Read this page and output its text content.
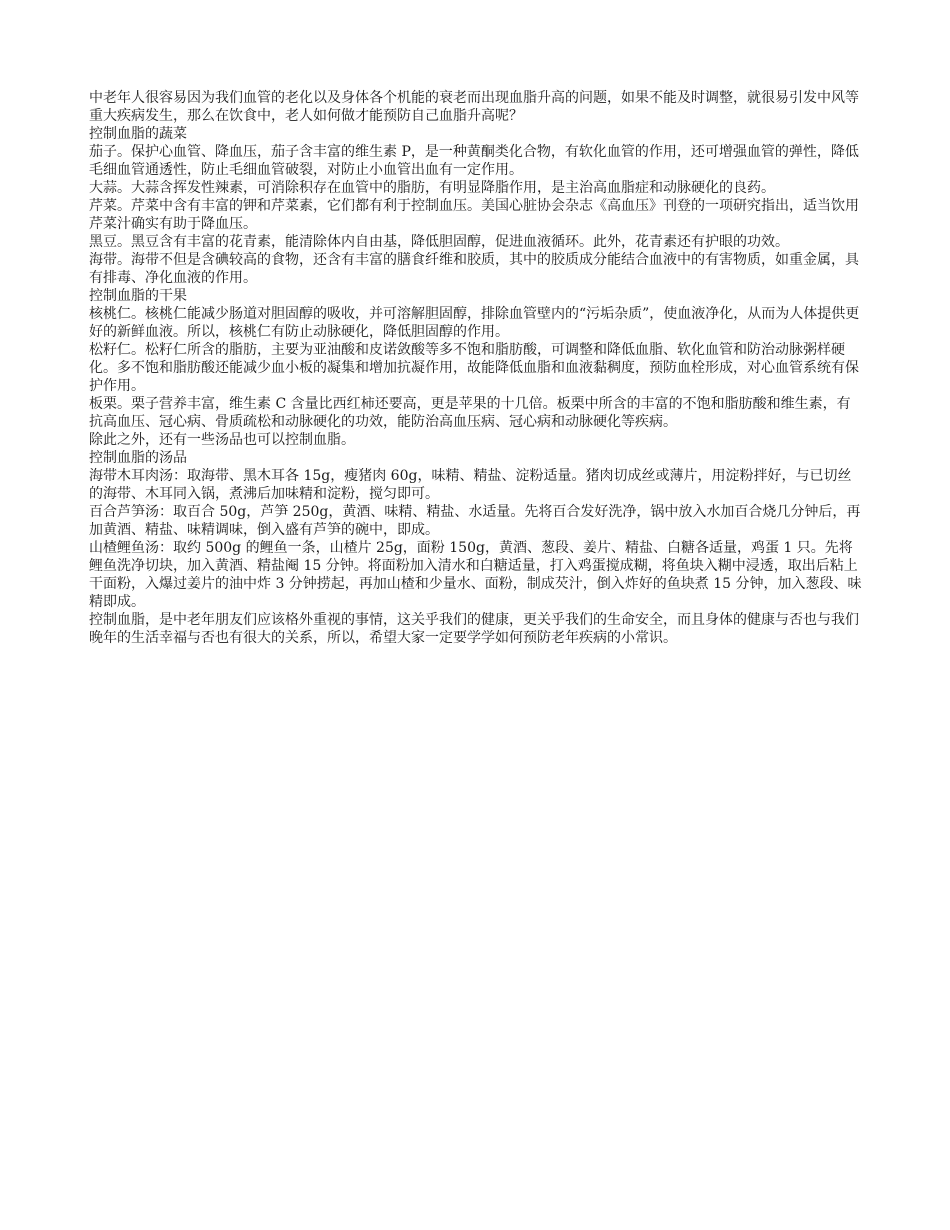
中老年人很容易因为我们血管的老化以及身体各个机能的衰老而出现血脂升高的问题，如果不能及时调整，就很易引发中风等重大疾病发生，那么在饮食中，老人如何做才能预防自己血脂升高呢？

控制血脂的蔬菜

茄子。保护心血管、降血压，茄子含丰富的维生素 P，是一种黄酮类化合物，有软化血管的作用，还可增强血管的弹性，降低毛细血管通透性，防止毛细血管破裂，对防止小血管出血有一定作用。

大蒜。大蒜含挥发性辣素，可消除积存在血管中的脂肪，有明显降脂作用，是主治高血脂症和动脉硬化的良药。

芹菜。芹菜中含有丰富的钾和芹菜素，它们都有利于控制血压。美国心脏协会杂志《高血压》刊登的一项研究指出，适当饮用芹菜汁确实有助于降血压。

黑豆。黑豆含有丰富的花青素，能清除体内自由基，降低胆固醇，促进血液循环。此外，花青素还有护眼的功效。

海带。海带不但是含碘较高的食物，还含有丰富的膳食纤维和胶质，其中的胶质成分能结合血液中的有害物质，如重金属，具有排毒、净化血液的作用。

控制血脂的干果

核桃仁。核桃仁能减少肠道对胆固醇的吸收，并可溶解胆固醇，排除血管壁内的“污垢杂质”，使血液净化，从而为人体提供更好的新鲜血液。所以，核桃仁有防止动脉硬化，降低胆固醇的作用。

松籽仁。松籽仁所含的脂肪，主要为亚油酸和皮诺敛酸等多不饱和脂肪酸，可调整和降低血脂、软化血管和防治动脉粥样硬化。多不饱和脂肪酸还能减少血小板的凝集和增加抗凝作用，故能降低血脂和血液黏稠度，预防血栓形成，对心血管系统有保护作用。

板栗。栗子营养丰富，维生素 C 含量比西红柿还要高，更是苹果的十几倍。板栗中所含的丰富的不饱和脂肪酸和维生素，有抗高血压、冠心病、骨质疏松和动脉硬化的功效，能防治高血压病、冠心病和动脉硬化等疾病。

除此之外，还有一些汤品也可以控制血脂。

控制血脂的汤品

海带木耳肉汤：取海带、黑木耳各 15g，瘦猪肉 60g，味精、精盐、淀粉适量。猪肉切成丝或薄片，用淀粉拌好，与已切丝的海带、木耳同入锅，煮沸后加味精和淀粉，搅匀即可。

百合芦笋汤：取百合 50g，芦笋 250g，黄酒、味精、精盐、水适量。先将百合发好洗净，锅中放入水加百合烧几分钟后，再加黄酒、精盐、味精调味，倒入盛有芦笋的碗中，即成。

山楂鲤鱼汤：取约 500g 的鲤鱼一条，山楂片 25g，面粉 150g，黄酒、葱段、姜片、精盐、白糖各适量，鸡蛋 1 只。先将鲤鱼洗净切块，加入黄酒、精盐阉 15 分钟。将面粉加入清水和白糖适量，打入鸡蛋搅成糊，将鱼块入糊中浸透，取出后粘上干面粉，入爆过姜片的油中炸 3 分钟捞起，再加山楂和少量水、面粉，制成芡汁，倒入炸好的鱼块煮 15 分钟，加入葱段、味精即成。

控制血脂，是中老年朋友们应该格外重视的事情，这关乎我们的健康，更关乎我们的生命安全，而且身体的健康与否也与我们晚年的生活幸福与否也有很大的关系，所以，希望大家一定要学学如何预防老年疾病的小常识。
